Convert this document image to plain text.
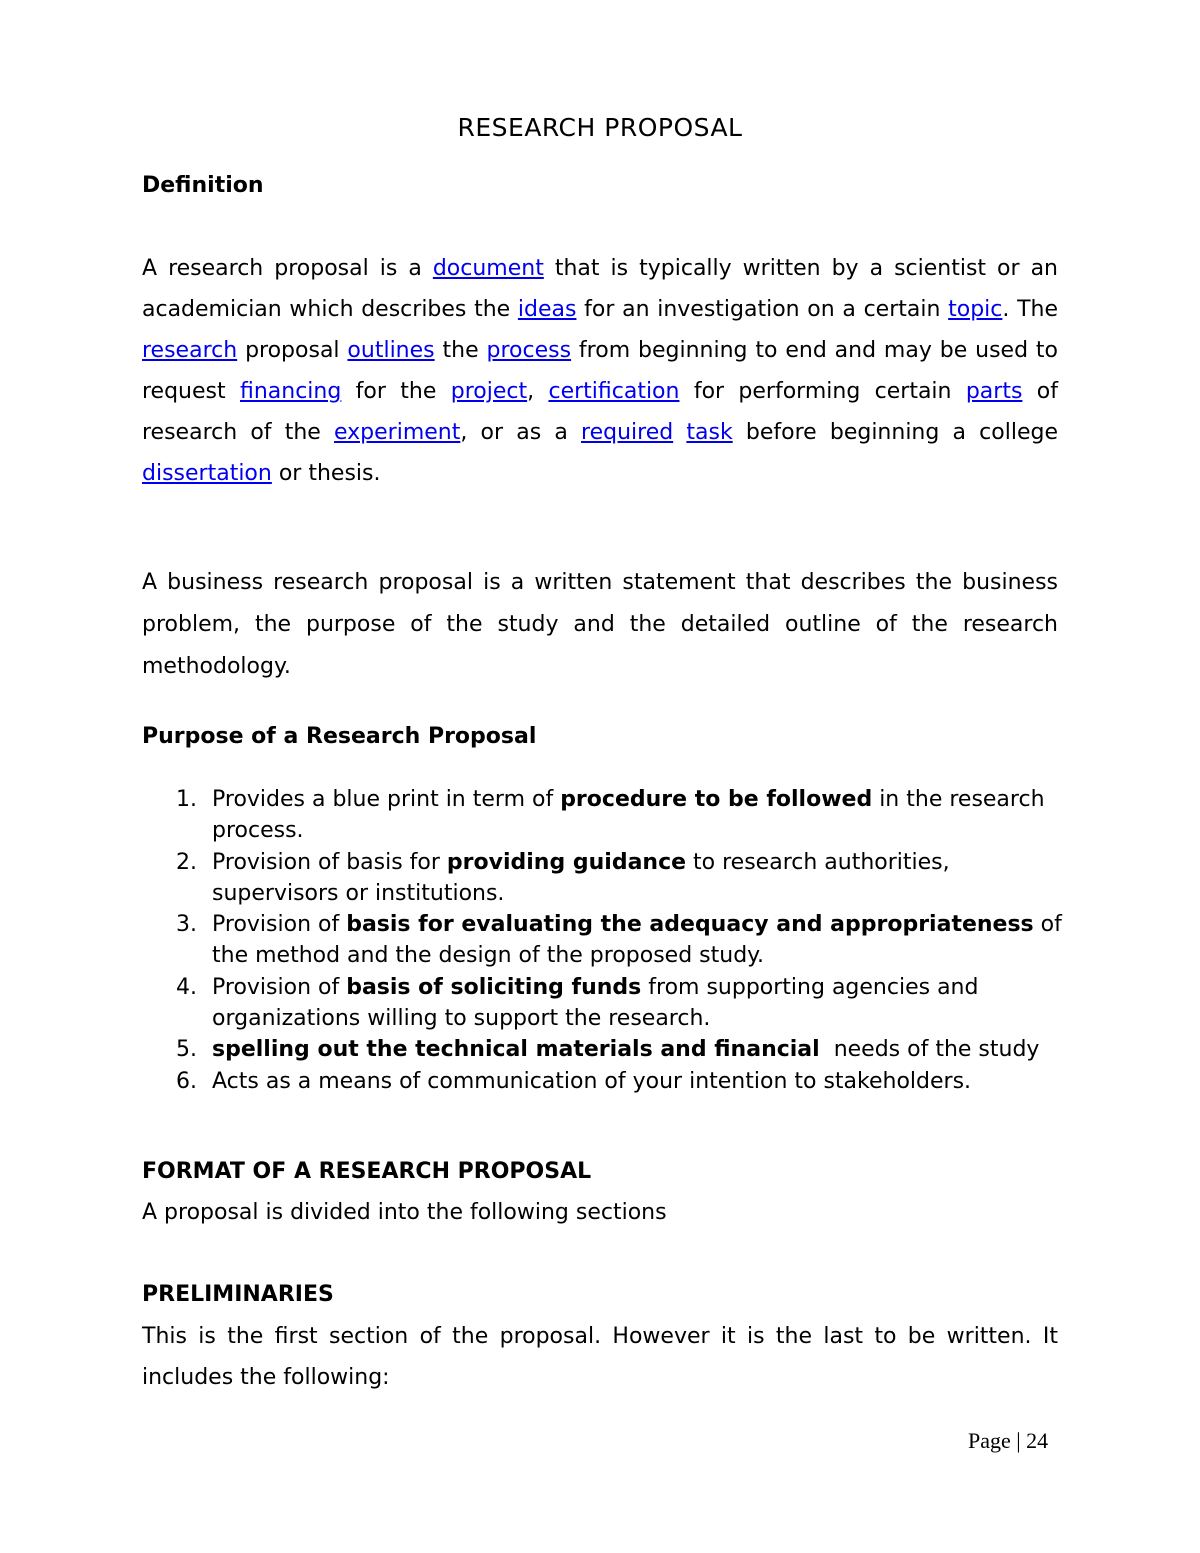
RESEARCH PROPOSAL
Definition

A research proposal is a document that is typically written by a scientist or an academician which describes the ideas for an investigation on a certain topic. The research proposal outlines the process from beginning to end and may be used to request financing for the project, certification for performing certain parts of research of the experiment, or as a required task before beginning a college dissertation or thesis.

A business research proposal is a written statement that describes the business problem, the purpose of the study and the detailed outline of the research methodology.

Purpose of a Research Proposal
1. Provides a blue print in term of procedure to be followed in the research process.
2. Provision of basis for providing guidance to research authorities, supervisors or institutions.
3. Provision of basis for evaluating the adequacy and appropriateness of the method and the design of the proposed study.
4. Provision of basis of soliciting funds from supporting agencies and organizations willing to support the research.
5. spelling out the technical materials and financial  needs of the study
6. Acts as a means of communication of your intention to stakeholders.
FORMAT OF A RESEARCH PROPOSAL
A proposal is divided into the following sections
PRELIMINARIES

This is the first section of the proposal. However it is the last to be written. It includes the following:

Page | 24
